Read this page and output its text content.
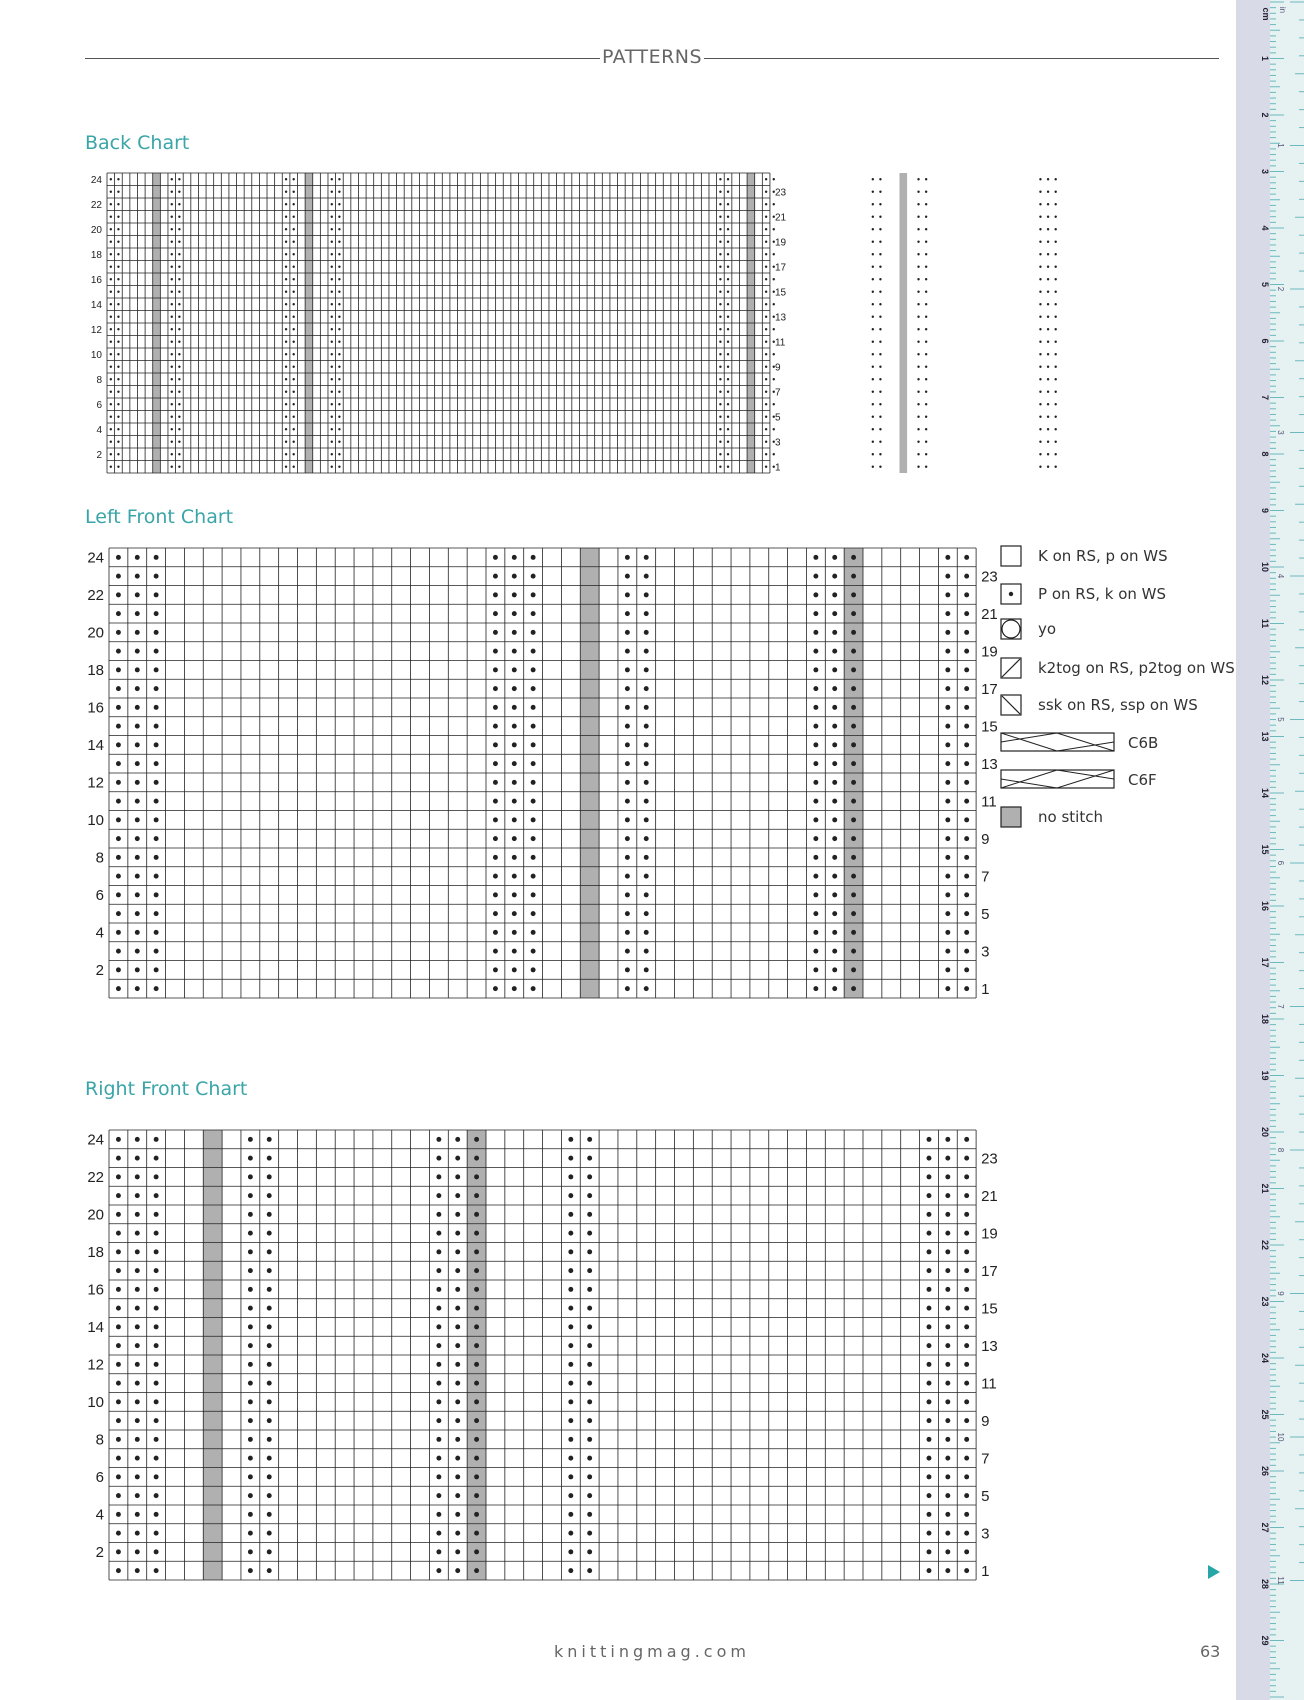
PATTERNS
Back Chart
Left Front Chart
Right Front Chart
24
22
20
18
16
14
12
10
8
6
4
2
23
21
19
17
15
13
11
9
7
5
3
1
24
22
20
18
16
14
12
10
8
6
4
2
23
21
19
17
15
13
11
9
7
5
3
1
24
22
20
18
16
14
12
10
8
6
4
2
23
21
19
17
15
13
11
9
7
5
3
1
K on RS, p on WS
P on RS, k on WS
yo
k2tog on RS, p2tog on WS
ssk on RS, ssp on WS
C6B
C6F
no stitch
knittingmag.com	63
cm in
1
2
3
4
5
6
7
8
9
10
11
12
13
14
15
16
17
18
19
20
21
22
23
24
25
26
27
28
29
1
2
3
4
5
6
7
8
9
10
11
